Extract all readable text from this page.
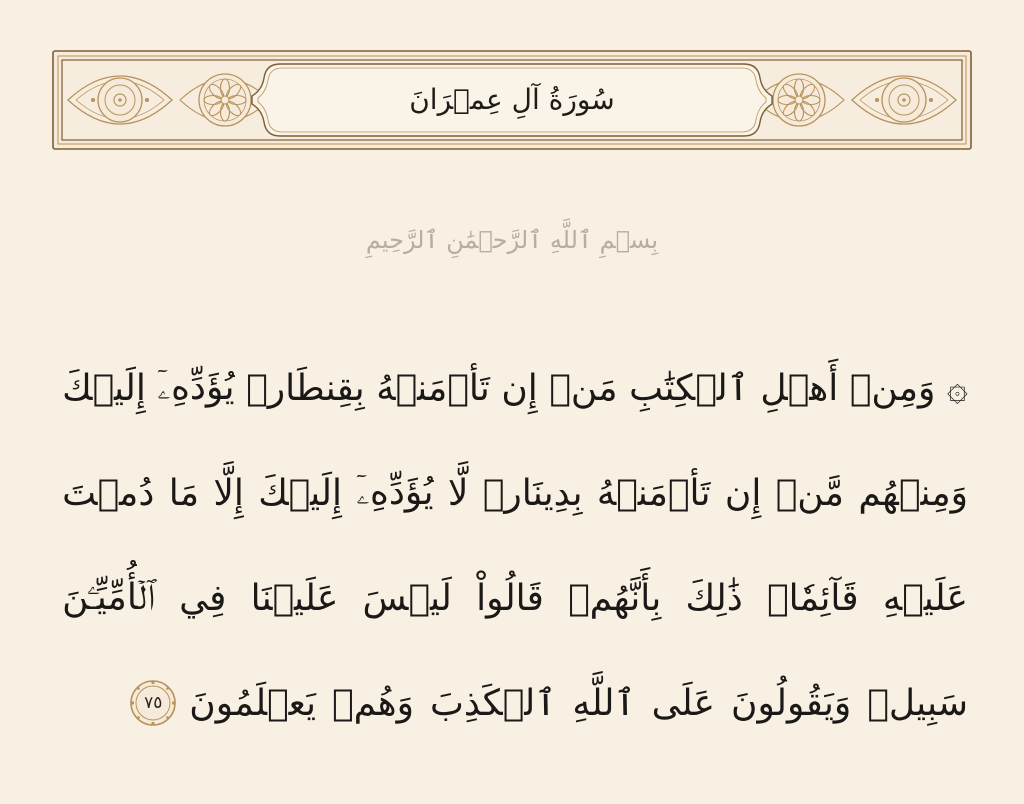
سُورَةُ آلِ عِمۡرَانَ
بِسۡمِ ٱللَّهِ ٱلرَّحۡمَٰنِ ٱلرَّحِيمِ
۞
وَمِنۡ
أَهۡلِ
ٱلۡكِتَٰبِ
مَنۡ
إِن
تَأۡمَنۡهُ
بِقِنطَارٖ
يُؤَدِّهِۦٓ
إِلَيۡكَ
وَمِنۡهُم
مَّنۡ
إِن
تَأۡمَنۡهُ
بِدِينَارٖ
لَّا
يُؤَدِّهِۦٓ
إِلَيۡكَ
إِلَّا
مَا
دُمۡتَ
عَلَيۡهِ
قَآئِمٗاۗ
ذَٰلِكَ
بِأَنَّهُمۡ
قَالُواْ
لَيۡسَ
عَلَيۡنَا
فِي
ٱلۡأُمِّيِّـۧنَ
سَبِيلٞ
وَيَقُولُونَ
عَلَى
ٱللَّهِ
ٱلۡكَذِبَ
وَهُمۡ
يَعۡلَمُونَ
٧٥
